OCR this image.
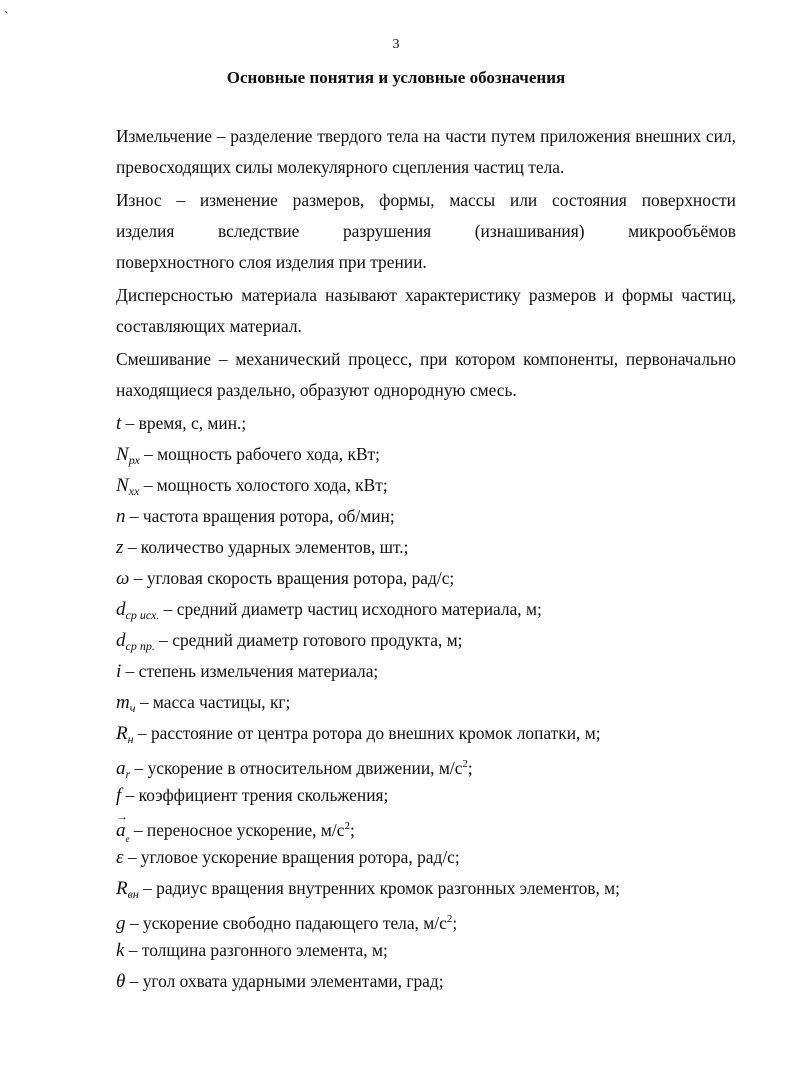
`
3
Основные понятия и условные обозначения

Измельчение – разделение твердого тела на части путем приложения внешних сил, превосходящих силы молекулярного сцепления частиц тела.

Износ – изменение размеров, формы, массы или состояния поверхности
изделия	вследствие	разрушения	(изнашивания)	микрообъёмов
поверхностного слоя изделия при трении.

Дисперсностью материала называют характеристику размеров и формы частиц, составляющих материал.

Смешивание – механический процесс, при котором компоненты, первоначально находящиеся раздельно, образуют однородную смесь.

t – время, с, мин.;
$N_{рх}$ – мощность рабочего хода, кВт;
$N_{xx}$ – мощность холостого хода, кВт;
n – частота вращения ротора, об/мин;
z – количество ударных элементов, шт.;
ω – угловая скорость вращения ротора, рад/с;
$d_{ср исх.}$ – средний диаметр частиц исходного материала, м;
$d_{ср пр.}$ – средний диаметр готового продукта, м;
i – степень измельчения материала;
$m_ч$ – масса частицы, кг;
$R_н$ – расстояние от центра ротора до внешних кромок лопатки, м;
$a_r$ – ускорение в относительном движении, $м/с^2$;
f – коэффициент трения скольжения;
→ $a_e$ – переносное ускорение, $м/с^2$;
ε – угловое ускорение вращения ротора, рад/с;
$R_{вн}$ – радиус вращения внутренних кромок разгонных элементов, м;
g – ускорение свободно падающего тела, $м/с^2$;
k – толщина разгонного элемента, м;
θ – угол охвата ударными элементами, град;
